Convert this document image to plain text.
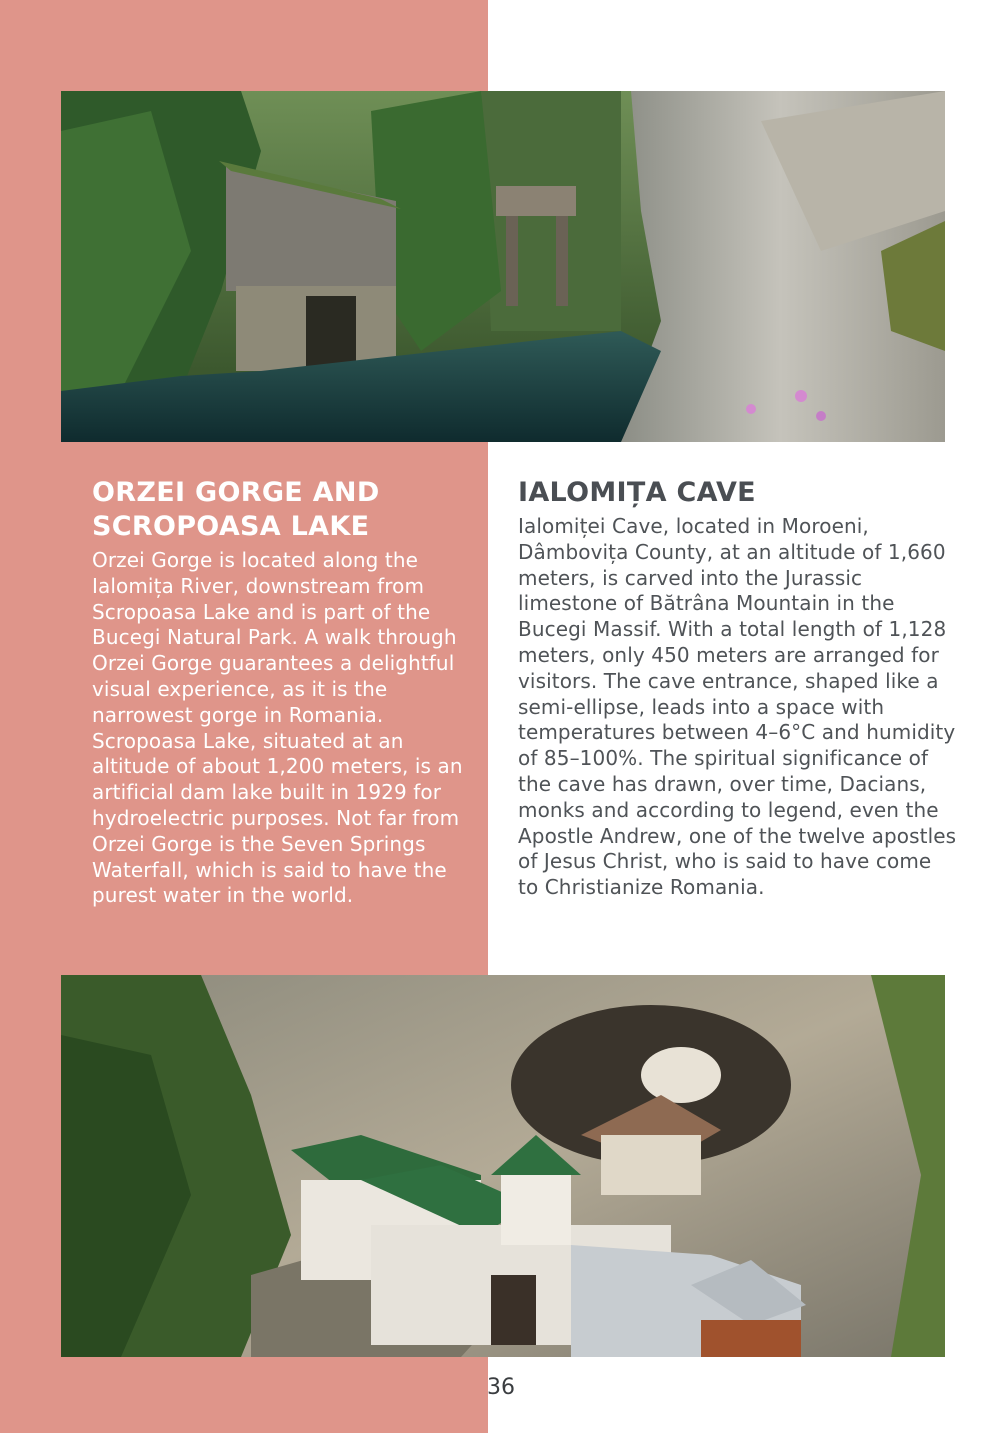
ORZEI GORGE AND
SCROPOASA LAKE

Orzei Gorge is located along the Ialomița River, downstream from Scropoasa Lake and is part of the Bucegi Natural Park. A walk through Orzei Gorge guarantees a delightful visual experience, as it is the narrowest gorge in Romania. Scropoasa Lake, situated at an altitude of about 1,200 meters, is an artificial dam lake built in 1929 for hydroelectric purposes. Not far from Orzei Gorge is the Seven Springs Waterfall, which is said to have the purest water in the world.

IALOMIȚA CAVE

Ialomiței Cave, located in Moroeni, Dâmbovița County, at an altitude of 1,660 meters, is carved into the Jurassic limestone of Bătrâna Mountain in the Bucegi Massif. With a total length of 1,128 meters, only 450 meters are arranged for visitors. The cave entrance, shaped like a semi-ellipse, leads into a space with temperatures between 4–6°C and humidity of 85–100%. The spiritual significance of the cave has drawn, over time, Dacians, monks and according to legend, even the Apostle Andrew, one of the twelve apostles of Jesus Christ, who is said to have come to Christianize Romania.

36
